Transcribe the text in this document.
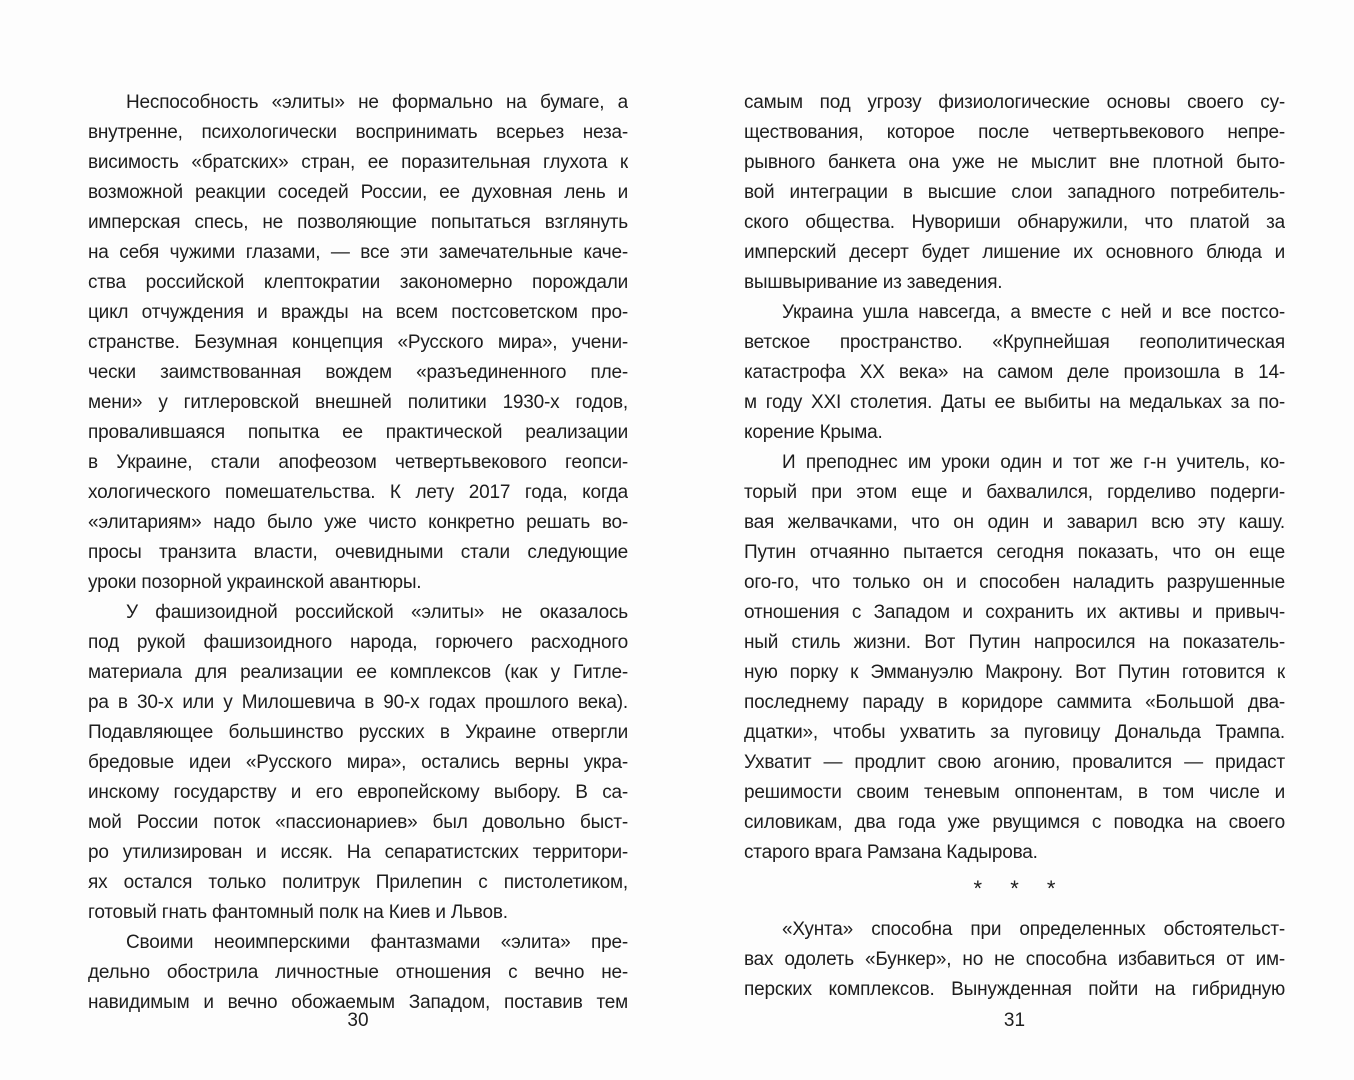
Неспособность «элиты» не формально на бумаге, а
внутренне, психологически воспринимать всерьез неза-
висимость «братских» стран, ее поразительная глухота к
возможной реакции соседей России, ее духовная лень и
имперская спесь, не позволяющие попытаться взглянуть
на себя чужими глазами, — все эти замечательные каче-
ства российской клептократии закономерно порождали
цикл отчуждения и вражды на всем постсоветском про-
странстве. Безумная концепция «Русского мира», учени-
чески заимствованная вождем «разъединенного пле-
мени» у гитлеровской внешней политики 1930-х годов,
провалившаяся попытка ее практической реализации
в Украине, стали апофеозом четвертьвекового геопси-
хологического помешательства. К лету 2017 года, когда
«элитариям» надо было уже чисто конкретно решать во-
просы транзита власти, очевидными стали следующие
уроки позорной украинской авантюры.
У фашизоидной российской «элиты» не оказалось
под рукой фашизоидного народа, горючего расходного
материала для реализации ее комплексов (как у Гитле-
ра в 30-х или у Милошевича в 90-х годах прошлого века).
Подавляющее большинство русских в Украине отвергли
бредовые идеи «Русского мира», остались верны укра-
инскому государству и его европейскому выбору. В са-
мой России поток «пассионариев» был довольно быст-
ро утилизирован и иссяк. На сепаратистских территори-
ях остался только политрук Прилепин с пистолетиком,
готовый гнать фантомный полк на Киев и Львов.
Своими неоимперскими фантазмами «элита» пре-
дельно обострила личностные отношения с вечно не-
навидимым и вечно обожаемым Западом, поставив тем
30
самым под угрозу физиологические основы своего су-
ществования, которое после четвертьвекового непре-
рывного банкета она уже не мыслит вне плотной быто-
вой интеграции в высшие слои западного потребитель-
ского общества. Нувориши обнаружили, что платой за
имперский десерт будет лишение их основного блюда и
вышвыривание из заведения.
Украина ушла навсегда, а вместе с ней и все постсо-
ветское пространство. «Крупнейшая геополитическая
катастрофа XX века» на самом деле произошла в 14-
м году XXI столетия. Даты ее выбиты на медальках за по-
корение Крыма.
И преподнес им уроки один и тот же г-н учитель, ко-
торый при этом еще и бахвалился, горделиво подерги-
вая желвачками, что он один и заварил всю эту кашу.
Путин отчаянно пытается сегодня показать, что он еще
ого-го, что только он и способен наладить разрушенные
отношения с Западом и сохранить их активы и привыч-
ный стиль жизни. Вот Путин напросился на показатель-
ную порку к Эммануэлю Макрону. Вот Путин готовится к
последнему параду в коридоре саммита «Большой два-
дцатки», чтобы ухватить за пуговицу Дональда Трампа.
Ухватит — продлит свою агонию, провалится — придаст
решимости своим теневым оппонентам, в том числе и
силовикам, два года уже рвущимся с поводка на своего
старого врага Рамзана Кадырова.
* * *
«Хунта» способна при определенных обстоятельст-
вах одолеть «Бункер», но не способна избавиться от им-
перских комплексов. Вынужденная пойти на гибридную
31
